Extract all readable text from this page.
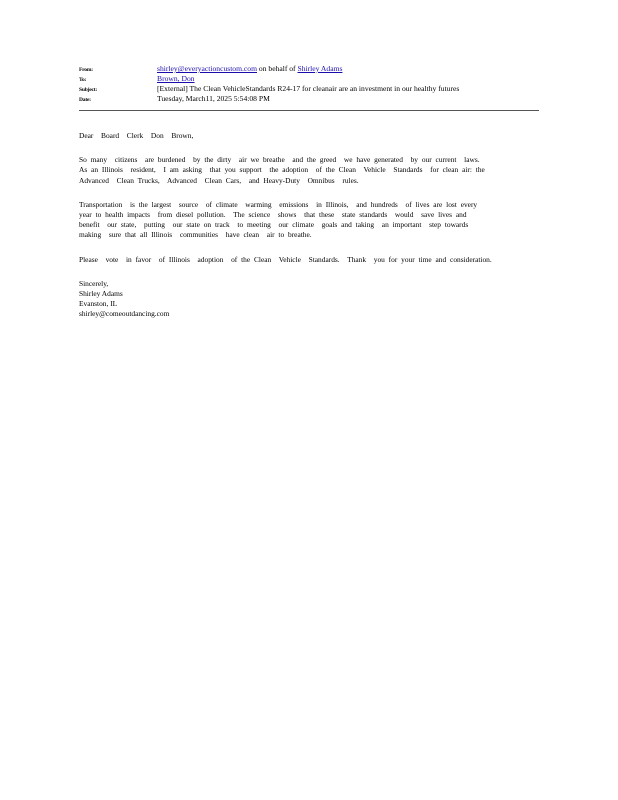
From:	shirley@everyactioncustom.com on behalf of Shirley Adams
To:	Brown, Don
Subject:	[External] The Clean VehicleStandards R24-17 for cleanair are an investment in our healthy futures
Date:	Tuesday, March11, 2025 5:54:08 PM

Dear  Board  Clerk  Don  Brown,

So many  citizens  are burdened  by the dirty  air we breathe  and the greed  we have generated  by our current  laws.
As an Illinois  resident,  I am asking  that you support  the adoption  of the Clean  Vehicle  Standards  for clean air: the
Advanced  Clean Trucks,  Advanced  Clean Cars,  and Heavy-Duty  Omnibus  rules.

Transportation  is the largest  source  of climate  warming  emissions  in Illinois,  and hundreds  of lives are lost every
year to health impacts  from diesel pollution.  The science  shows  that these  state standards  would  save lives and
benefit  our state,  putting  our state on track  to meeting  our climate  goals and taking  an important  step towards
making  sure that all Illinois  communities  have clean  air to breathe.

Please  vote  in favor  of Illinois  adoption  of the Clean  Vehicle  Standards.  Thank  you for your time and consideration.

Sincerely,

Shirley Adams

Evanston, IL

shirley@comeoutdancing.com
